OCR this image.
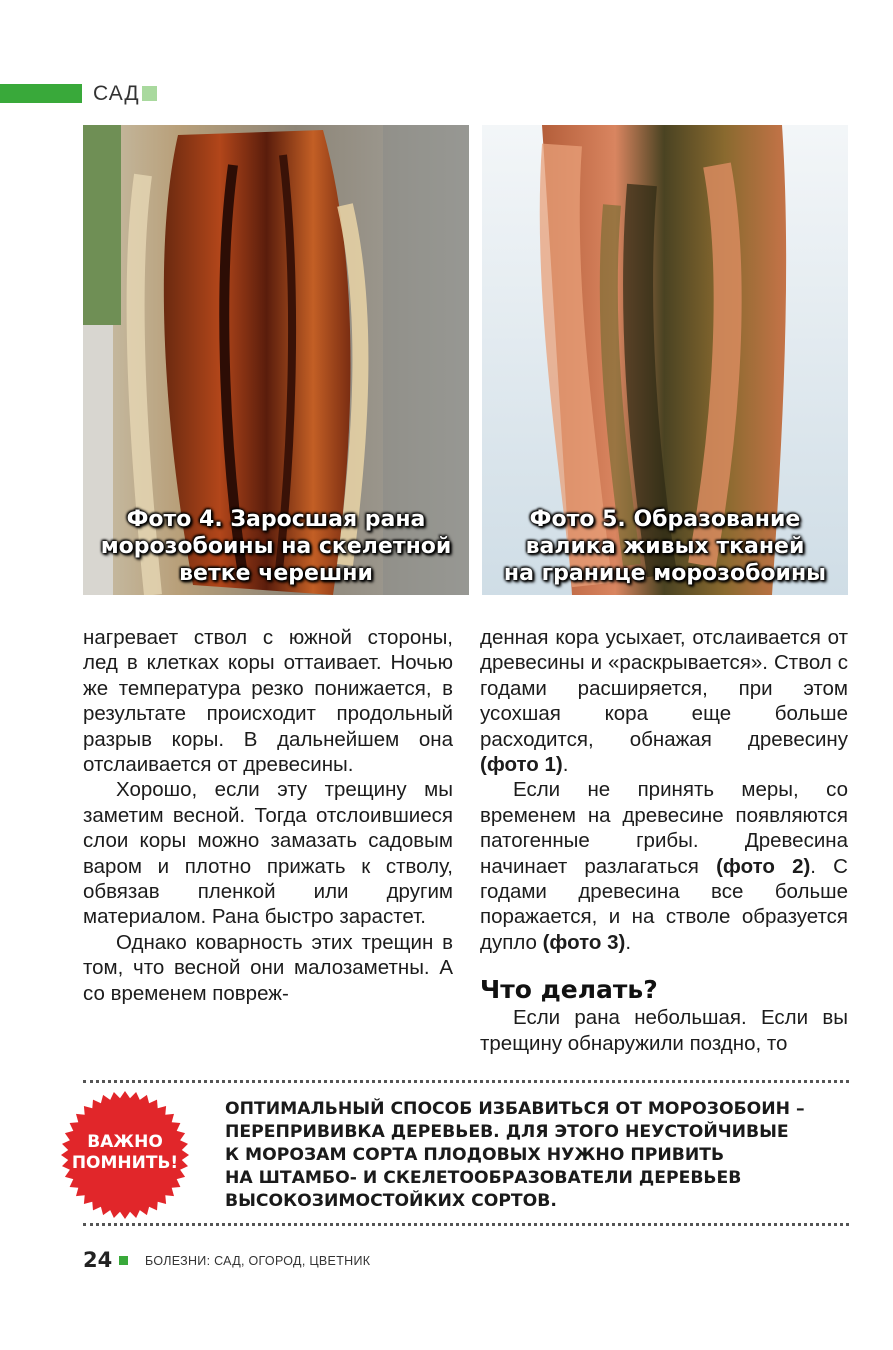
САД
Фото 4. Заросшая рана
морозобоины на скелетной
ветке черешни
Фото 5. Образование
валика живых тканей
на границе морозобоины

нагревает ствол с южной стороны, лед в клетках коры оттаивает. Ночью же температура резко понижается, в результате происходит продольный разрыв коры. В дальнейшем она отслаивается от древесины.

Хорошо, если эту трещину мы заметим весной. Тогда отслоившиеся слои коры можно замазать садовым варом и плотно прижать к стволу, обвязав пленкой или другим материалом. Рана быстро зарастет.

Однако коварность этих трещин в том, что весной они малозаметны. А со временем повреж-

денная кора усыхает, отслаивается от древесины и «раскрывается». Ствол с годами расширяется, при этом усохшая кора еще больше расходится, обнажая древесину (фото 1).

Если не принять меры, со временем на древесине появляются патогенные грибы. Древесина начинает разлагаться (фото 2). С годами древесина все больше поражается, и на стволе образуется дупло (фото 3).

Что делать?

Если рана небольшая. Если вы трещину обнаружили поздно, то

ВАЖНО
ПОМНИТЬ!
ОПТИМАЛЬНЫЙ СПОСОБ ИЗБАВИТЬСЯ ОТ МОРОЗОБОИН –
ПЕРЕПРИВИВКА ДЕРЕВЬЕВ. ДЛЯ ЭТОГО НЕУСТОЙЧИВЫЕ
К МОРОЗАМ СОРТА ПЛОДОВЫХ НУЖНО ПРИВИТЬ
НА ШТАМБО- И СКЕЛЕТООБРАЗОВАТЕЛИ ДЕРЕВЬЕВ
ВЫСОКОЗИМОСТОЙКИХ СОРТОВ.
24	БОЛЕЗНИ: САД, ОГОРОД, ЦВЕТНИК
